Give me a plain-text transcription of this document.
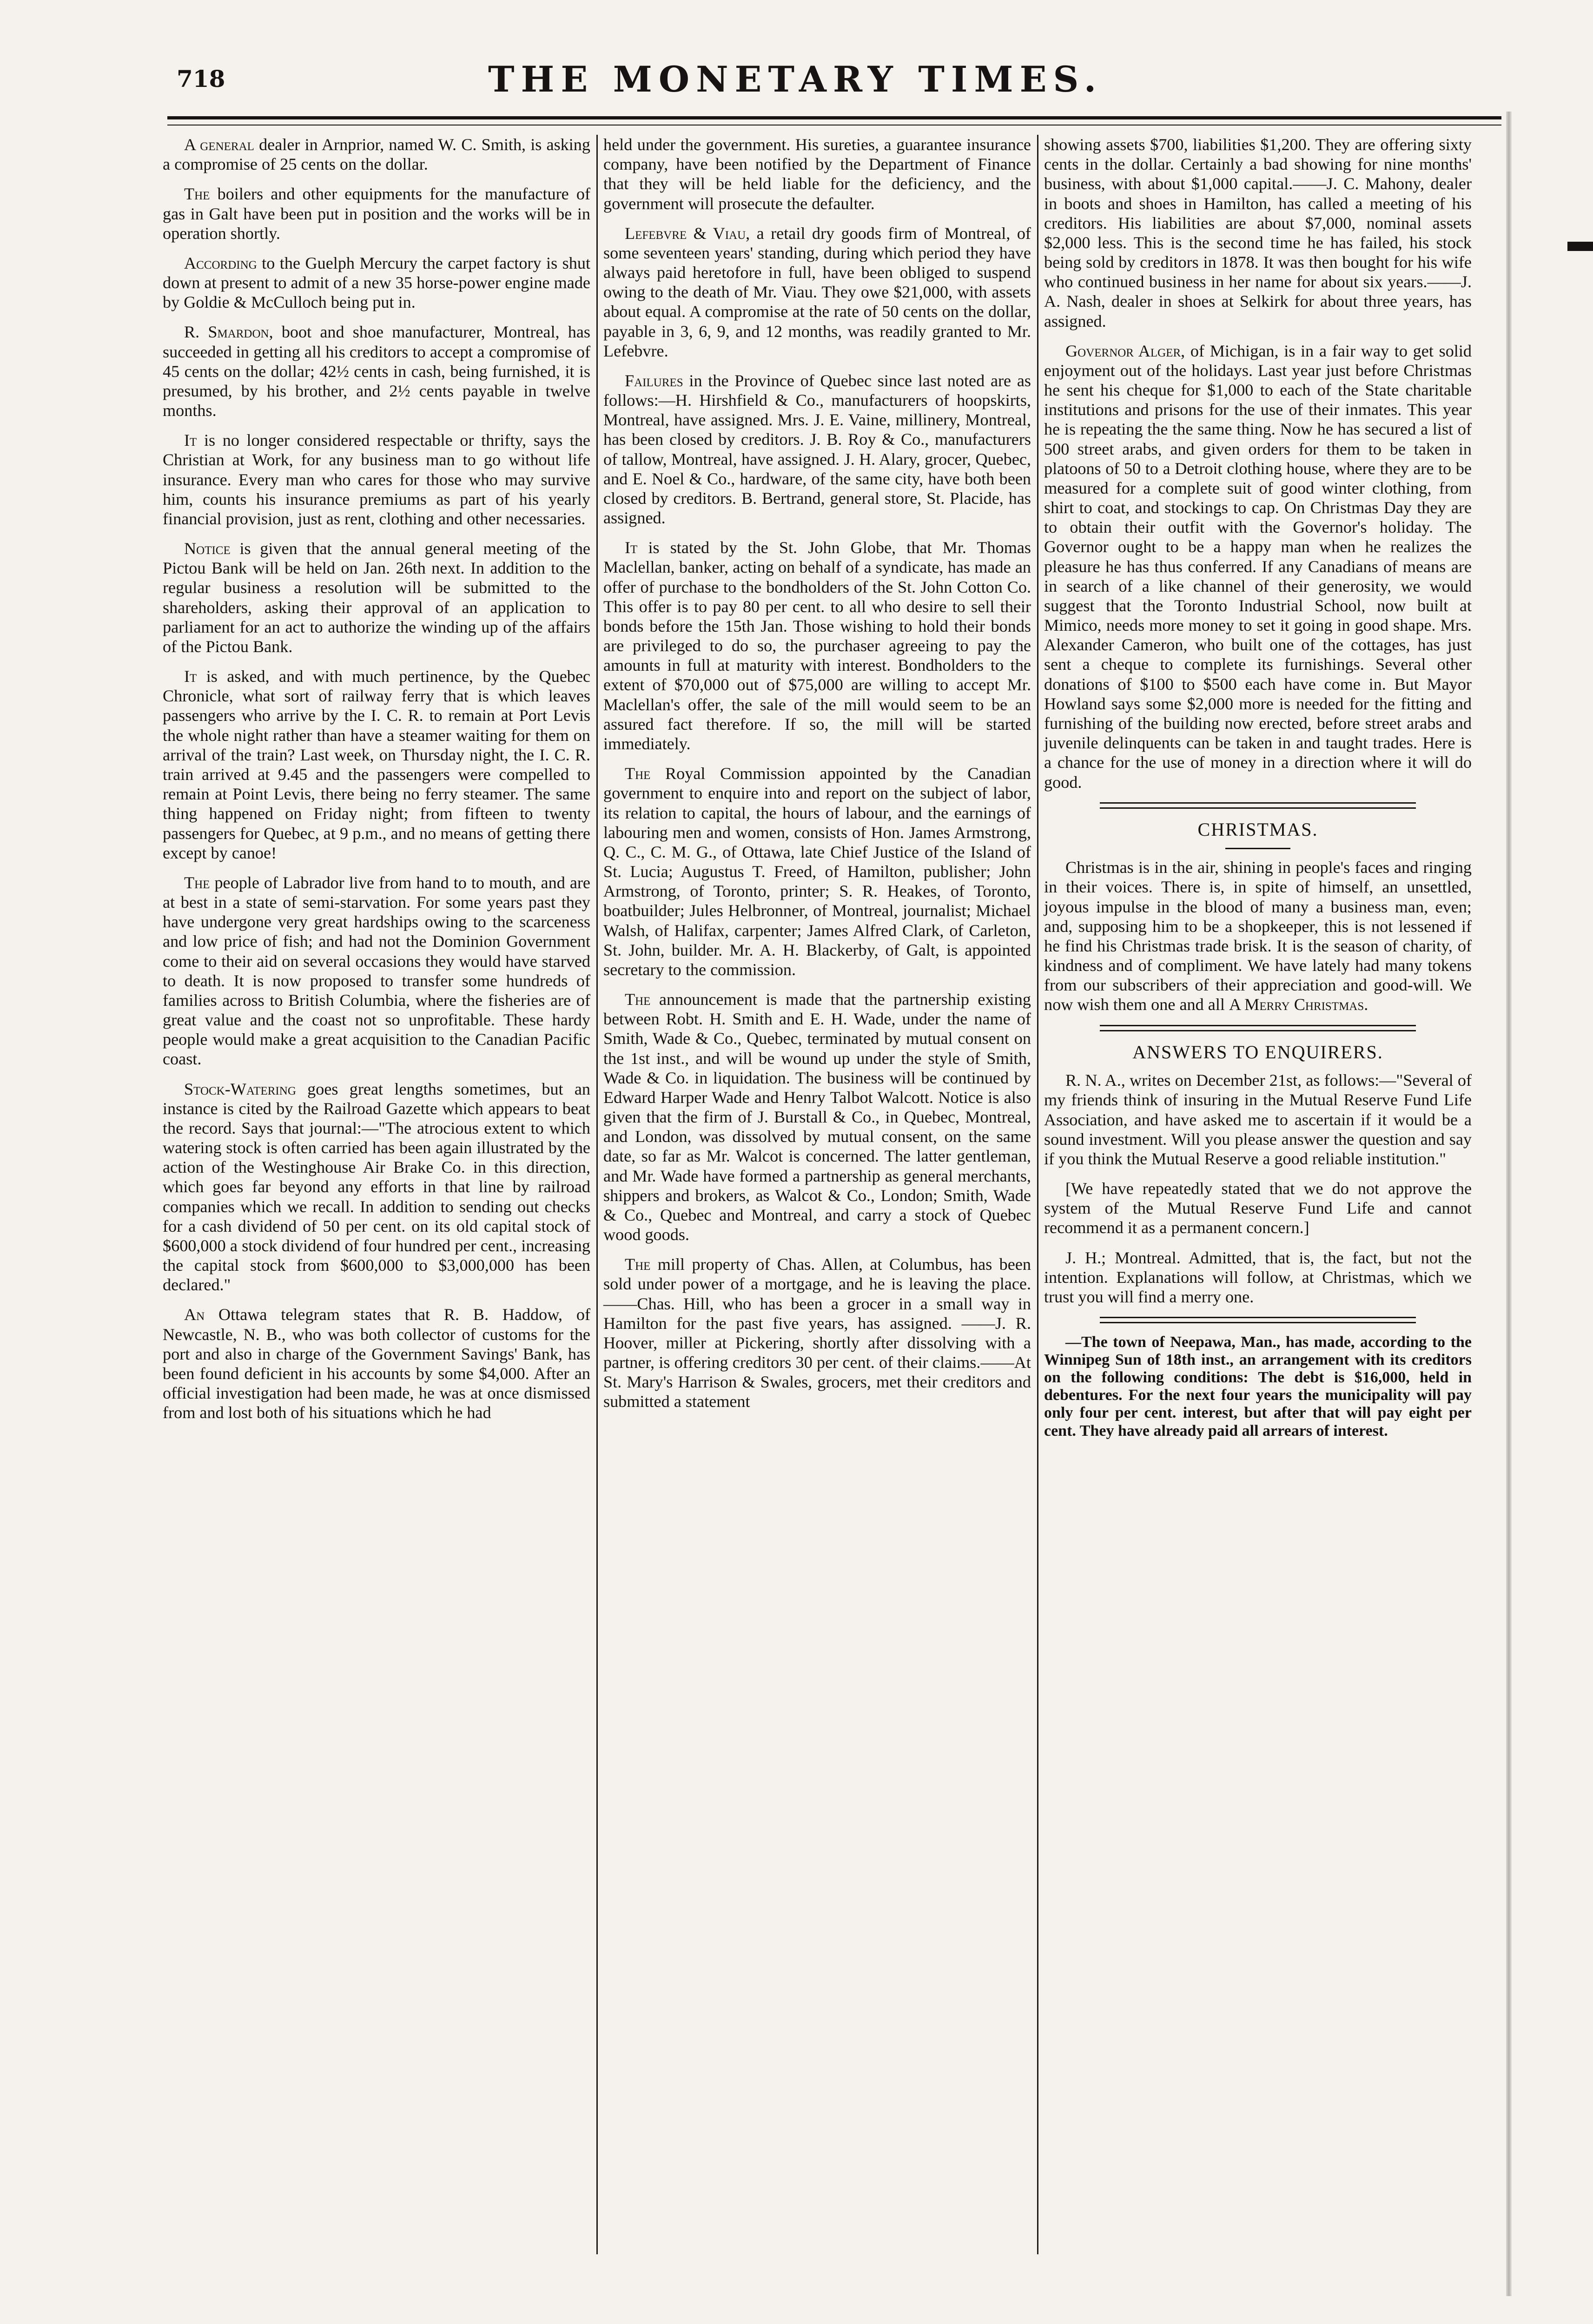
718	THE MONETARY TIMES.

A general dealer in Arnprior, named W. C. Smith, is asking a compromise of 25 cents on the dollar.

The boilers and other equipments for the manufacture of gas in Galt have been put in position and the works will be in operation shortly.

According to the Guelph Mercury the carpet factory is shut down at present to admit of a new 35 horse-power engine made by Goldie & McCulloch being put in.

R. Smardon, boot and shoe manufacturer, Montreal, has succeeded in getting all his creditors to accept a compromise of 45 cents on the dollar; 42½ cents in cash, being furnished, it is presumed, by his brother, and 2½ cents payable in twelve months.

It is no longer considered respectable or thrifty, says the Christian at Work, for any business man to go without life insurance. Every man who cares for those who may survive him, counts his insurance premiums as part of his yearly financial provision, just as rent, clothing and other necessaries.

Notice is given that the annual general meeting of the Pictou Bank will be held on Jan. 26th next. In addition to the regular business a resolution will be submitted to the shareholders, asking their approval of an application to parliament for an act to authorize the winding up of the affairs of the Pictou Bank.

It is asked, and with much pertinence, by the Quebec Chronicle, what sort of railway ferry that is which leaves passengers who arrive by the I. C. R. to remain at Port Levis the whole night rather than have a steamer waiting for them on arrival of the train? Last week, on Thursday night, the I. C. R. train arrived at 9.45 and the passengers were compelled to remain at Point Levis, there being no ferry steamer. The same thing happened on Friday night; from fifteen to twenty passengers for Quebec, at 9 p.m., and no means of getting there except by canoe!

The people of Labrador live from hand to to mouth, and are at best in a state of semi-starvation. For some years past they have undergone very great hardships owing to the scarceness and low price of fish; and had not the Dominion Government come to their aid on several occasions they would have starved to death. It is now proposed to transfer some hundreds of families across to British Columbia, where the fisheries are of great value and the coast not so unprofitable. These hardy people would make a great acquisition to the Canadian Pacific coast.

Stock-Watering goes great lengths sometimes, but an instance is cited by the Railroad Gazette which appears to beat the record. Says that journal:—"The atrocious extent to which watering stock is often carried has been again illustrated by the action of the Westinghouse Air Brake Co. in this direction, which goes far beyond any efforts in that line by railroad companies which we recall. In addition to sending out checks for a cash dividend of 50 per cent. on its old capital stock of $600,000 a stock dividend of four hundred per cent., increasing the capital stock from $600,000 to $3,000,000 has been declared."

An Ottawa telegram states that R. B. Haddow, of Newcastle, N. B., who was both collector of customs for the port and also in charge of the Government Savings' Bank, has been found deficient in his accounts by some $4,000. After an official investigation had been made, he was at once dismissed from and lost both of his situations which he had

held under the government. His sureties, a guarantee insurance company, have been notified by the Department of Finance that they will be held liable for the deficiency, and the government will prosecute the defaulter.

Lefebvre & Viau, a retail dry goods firm of Montreal, of some seventeen years' standing, during which period they have always paid heretofore in full, have been obliged to suspend owing to the death of Mr. Viau. They owe $21,000, with assets about equal. A compromise at the rate of 50 cents on the dollar, payable in 3, 6, 9, and 12 months, was readily granted to Mr. Lefebvre.

Failures in the Province of Quebec since last noted are as follows:—H. Hirshfield & Co., manufacturers of hoopskirts, Montreal, have assigned. Mrs. J. E. Vaine, millinery, Montreal, has been closed by creditors. J. B. Roy & Co., manufacturers of tallow, Montreal, have assigned. J. H. Alary, grocer, Quebec, and E. Noel & Co., hardware, of the same city, have both been closed by creditors. B. Bertrand, general store, St. Placide, has assigned.

It is stated by the St. John Globe, that Mr. Thomas Maclellan, banker, acting on behalf of a syndicate, has made an offer of purchase to the bondholders of the St. John Cotton Co. This offer is to pay 80 per cent. to all who desire to sell their bonds before the 15th Jan. Those wishing to hold their bonds are privileged to do so, the purchaser agreeing to pay the amounts in full at maturity with interest. Bondholders to the extent of $70,000 out of $75,000 are willing to accept Mr. Maclellan's offer, the sale of the mill would seem to be an assured fact therefore. If so, the mill will be started immediately.

The Royal Commission appointed by the Canadian government to enquire into and report on the subject of labor, its relation to capital, the hours of labour, and the earnings of labouring men and women, consists of Hon. James Armstrong, Q. C., C. M. G., of Ottawa, late Chief Justice of the Island of St. Lucia; Augustus T. Freed, of Hamilton, publisher; John Armstrong, of Toronto, printer; S. R. Heakes, of Toronto, boatbuilder; Jules Helbronner, of Montreal, journalist; Michael Walsh, of Halifax, carpenter; James Alfred Clark, of Carleton, St. John, builder. Mr. A. H. Blackerby, of Galt, is appointed secretary to the commission.

The announcement is made that the partnership existing between Robt. H. Smith and E. H. Wade, under the name of Smith, Wade & Co., Quebec, terminated by mutual consent on the 1st inst., and will be wound up under the style of Smith, Wade & Co. in liquidation. The business will be continued by Edward Harper Wade and Henry Talbot Walcott. Notice is also given that the firm of J. Burstall & Co., in Quebec, Montreal, and London, was dissolved by mutual consent, on the same date, so far as Mr. Walcot is concerned. The latter gentleman, and Mr. Wade have formed a partnership as general merchants, shippers and brokers, as Walcot & Co., London; Smith, Wade & Co., Quebec and Montreal, and carry a stock of Quebec wood goods.

The mill property of Chas. Allen, at Columbus, has been sold under power of a mortgage, and he is leaving the place. ——Chas. Hill, who has been a grocer in a small way in Hamilton for the past five years, has assigned. ——J. R. Hoover, miller at Pickering, shortly after dissolving with a partner, is offering creditors 30 per cent. of their claims.——At St. Mary's Harrison & Swales, grocers, met their creditors and submitted a statement

showing assets $700, liabilities $1,200. They are offering sixty cents in the dollar. Certainly a bad showing for nine months' business, with about $1,000 capital.——J. C. Mahony, dealer in boots and shoes in Hamilton, has called a meeting of his creditors. His liabilities are about $7,000, nominal assets $2,000 less. This is the second time he has failed, his stock being sold by creditors in 1878. It was then bought for his wife who continued business in her name for about six years.——J. A. Nash, dealer in shoes at Selkirk for about three years, has assigned.

Governor Alger, of Michigan, is in a fair way to get solid enjoyment out of the holidays. Last year just before Christmas he sent his cheque for $1,000 to each of the State charitable institutions and prisons for the use of their inmates. This year he is repeating the the same thing. Now he has secured a list of 500 street arabs, and given orders for them to be taken in platoons of 50 to a Detroit clothing house, where they are to be measured for a complete suit of good winter clothing, from shirt to coat, and stockings to cap. On Christmas Day they are to obtain their outfit with the Governor's holiday. The Governor ought to be a happy man when he realizes the pleasure he has thus conferred. If any Canadians of means are in search of a like channel of their generosity, we would suggest that the Toronto Industrial School, now built at Mimico, needs more money to set it going in good shape. Mrs. Alexander Cameron, who built one of the cottages, has just sent a cheque to complete its furnishings. Several other donations of $100 to $500 each have come in. But Mayor Howland says some $2,000 more is needed for the fitting and furnishing of the building now erected, before street arabs and juvenile delinquents can be taken in and taught trades. Here is a chance for the use of money in a direction where it will do good.

CHRISTMAS.

Christmas is in the air, shining in people's faces and ringing in their voices. There is, in spite of himself, an unsettled, joyous impulse in the blood of many a business man, even; and, supposing him to be a shopkeeper, this is not lessened if he find his Christmas trade brisk. It is the season of charity, of kindness and of compliment. We have lately had many tokens from our subscribers of their appreciation and good-will. We now wish them one and all A Merry Christmas.

ANSWERS TO ENQUIRERS.

R. N. A., writes on December 21st, as follows:—"Several of my friends think of insuring in the Mutual Reserve Fund Life Association, and have asked me to ascertain if it would be a sound investment. Will you please answer the question and say if you think the Mutual Reserve a good reliable institution."

[We have repeatedly stated that we do not approve the system of the Mutual Reserve Fund Life and cannot recommend it as a permanent concern.]

J. H.; Montreal. Admitted, that is, the fact, but not the intention. Explanations will follow, at Christmas, which we trust you will find a merry one.

—The town of Neepawa, Man., has made, according to the Winnipeg Sun of 18th inst., an arrangement with its creditors on the following conditions: The debt is $16,000, held in debentures. For the next four years the municipality will pay only four per cent. interest, but after that will pay eight per cent. They have already paid all arrears of interest.
